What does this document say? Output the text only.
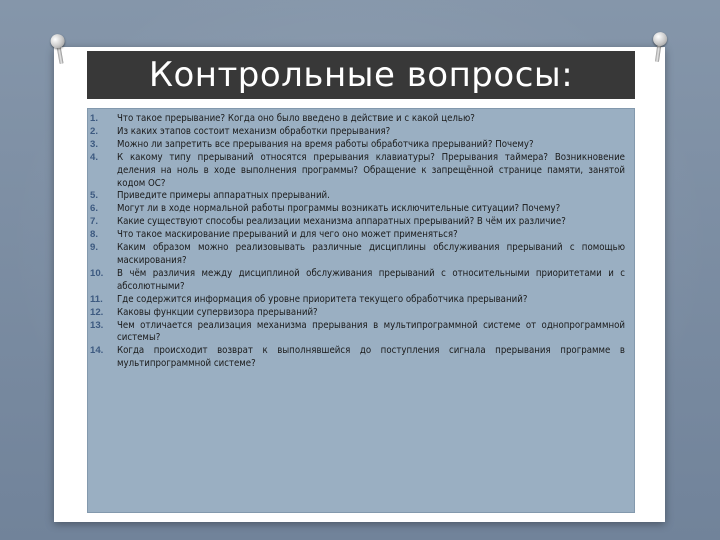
Контрольные вопросы:
1.	Что такое прерывание? Когда оно было введено в действие и с какой целью?
2.	Из каких этапов состоит механизм обработки прерывания?
3.	Можно ли запретить все прерывания на время работы обработчика прерываний? Почему?
4.	К какому типу прерываний относятся прерывания клавиатуры? Прерывания таймера? Возникновение деления на ноль в ходе выполнения программы? Обращение к запрещённой странице памяти, занятой кодом ОС?
5.	Приведите примеры аппаратных прерываний.
6.	Могут ли в ходе нормальной работы программы возникать исключительные ситуации? Почему?
7.	Какие существуют способы реализации механизма аппаратных прерываний? В чём их различие?
8.	Что такое маскирование прерываний и для чего оно может применяться?
9.	Каким образом можно реализовывать различные дисциплины обслуживания прерываний с помощью маскирования?
10.	В чём различия между дисциплиной обслуживания прерываний с относительными приоритетами и с абсолютными?
11.	Где содержится информация об уровне приоритета текущего обработчика прерываний?
12.	Каковы функции супервизора прерываний?
13.	Чем отличается реализация механизма прерывания в мультипрограммной системе от однопрограммной системы?
14.	Когда происходит возврат к выполнявшейся до поступления сигнала прерывания программе в мультипрограммной системе?
